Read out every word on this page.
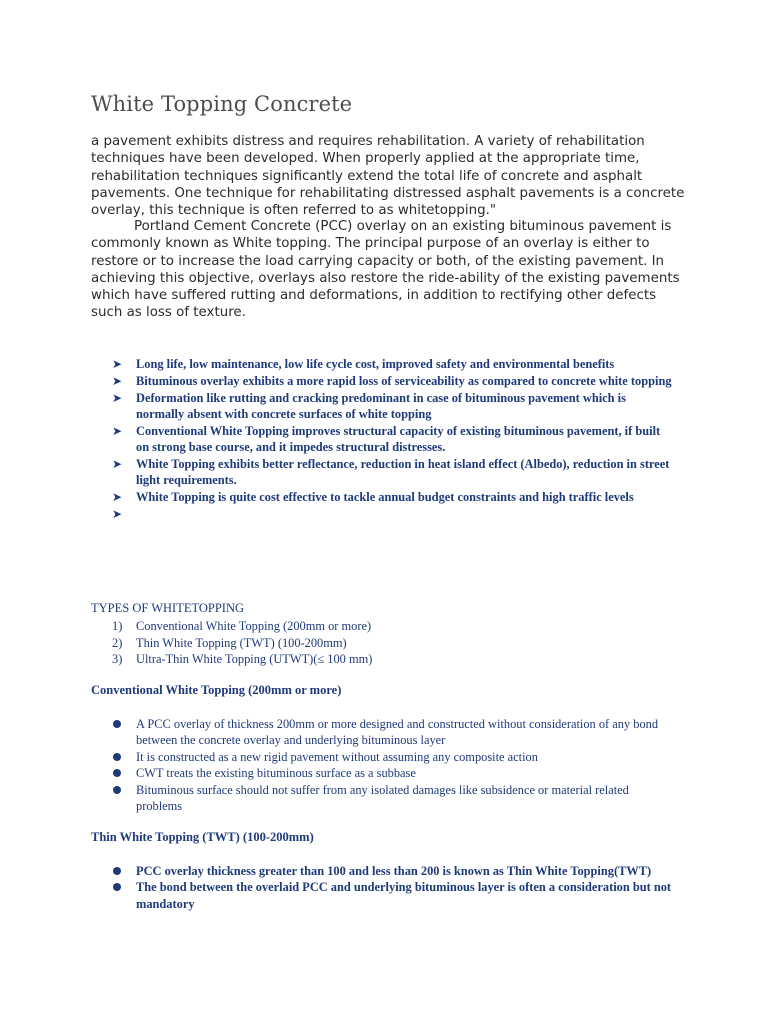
White Topping Concrete

a pavement exhibits distress and requires rehabilitation. A variety of rehabilitation techniques have been developed. When properly applied at the appropriate time, rehabilitation techniques significantly extend the total life of concrete and asphalt pavements. One technique for rehabilitating distressed asphalt pavements is a concrete overlay, this technique is often referred to as whitetopping."

Portland Cement Concrete (PCC) overlay on an existing bituminous pavement is commonly known as White topping. The principal purpose of an overlay is either to restore or to increase the load carrying capacity or both, of the existing pavement. In achieving this objective, overlays also restore the ride-ability of the existing pavements which have suffered rutting and deformations, in addition to rectifying other defects such as loss of texture.

➤ Long life, low maintenance, low life cycle cost, improved safety and environmental benefits
➤ Bituminous overlay exhibits a more rapid loss of serviceability as compared to concrete white topping
➤ Deformation like rutting and cracking predominant in case of bituminous pavement which is normally absent with concrete surfaces of white topping
➤ Conventional White Topping improves structural capacity of existing bituminous pavement, if built on strong base course, and it impedes structural distresses.
➤ White Topping exhibits better reflectance, reduction in heat island effect (Albedo), reduction in street light requirements.
➤ White Topping is quite cost effective to tackle annual budget constraints and high traffic levels
➤

TYPES OF WHITETOPPING

1) Conventional White Topping (200mm or more)
2) Thin White Topping (TWT) (100-200mm)
3) Ultra-Thin White Topping (UTWT)(≤ 100 mm)

Conventional White Topping (200mm or more)

A PCC overlay of thickness 200mm or more designed and constructed without consideration of any bond between the concrete overlay and underlying bituminous layer
It is constructed as a new rigid pavement without assuming any composite action
CWT treats the existing bituminous surface as a subbase
Bituminous surface should not suffer from any isolated damages like subsidence or material related problems

Thin White Topping (TWT) (100-200mm)

PCC overlay thickness greater than 100 and less than 200 is known as Thin White Topping(TWT)
The bond between the overlaid PCC and underlying bituminous layer is often a consideration but not mandatory
